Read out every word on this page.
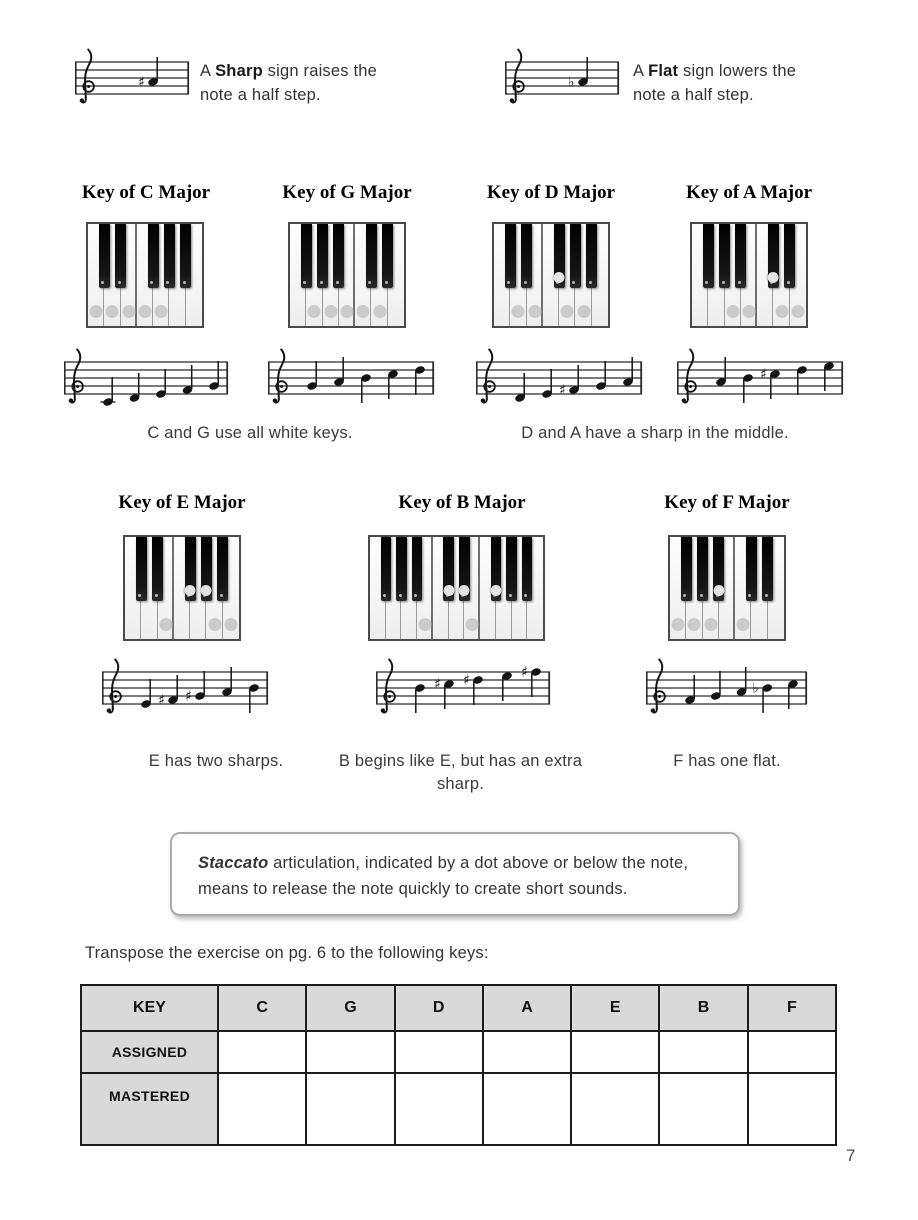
♯

A Sharp sign raises the note a half step.

♭

A Flat sign lowers the note a half step.

Key of C Major	Key of G Major	Key of D Major
♯
Key of A Major
♯
Key of E Major
♯ ♯
Key of B Major
♯ ♯	♯
Key of F Major
♭
C and G use all white keys.	D and A have a sharp in the middle.
E has two sharps.	B begins like E, but has an extra sharp.
F has one flat.
Staccato articulation, indicated by a dot above or below the note, means to release the note quickly to create short sounds.
Transpose the exercise on pg. 6 to the following keys:
KEY	C	G	D	A	E	B	F
ASSIGNED							
MASTERED							
7
